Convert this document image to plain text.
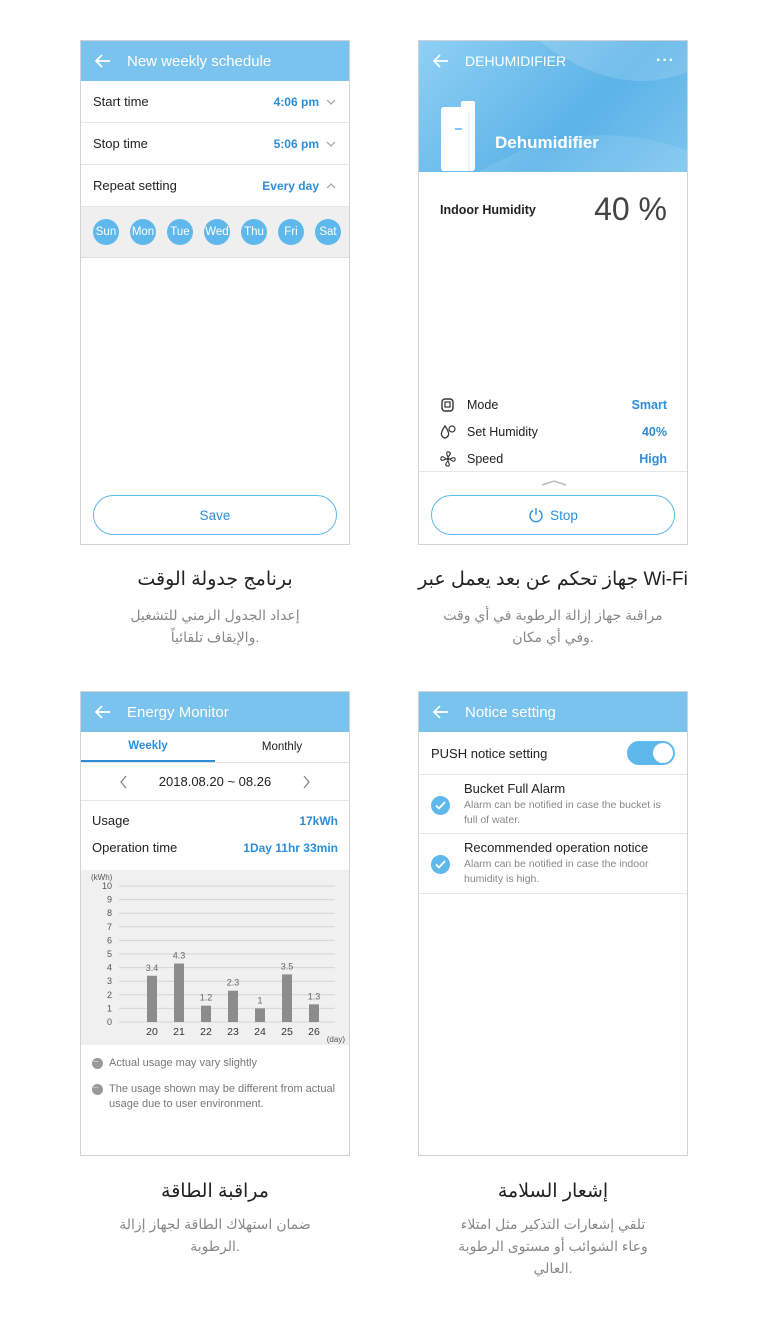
New weekly schedule
Start time	4:06 pm
Stop time	5:06 pm
Repeat setting	Every day
Sun Mon Tue Wed Thu	Fri	Sat
Save
DEHUMIDIFIER	···
Dehumidifier
Indoor Humidity 40 %
Mode	Smart
Set Humidity	40%
Speed	High
Stop
برنامج جدولة الوقت
إعداد الجدول الزمني للتشغيل
والإيقاف تلقائياً.
جهاز تحكم عن بعد يعمل عبر Wi-Fi
مراقبة جهاز إزالة الرطوبة في أي وقت
وفي أي مكان.
Energy Monitor
Weekly	Monthly
2018.08.20 ~ 08.26
Usage	17kWh
Operation time	1Day 11hr 33min
(kWh)
0
1
2
3
4
5
6
7
8
9
10
3.4
20
4.3
21
1.2
22
2.3
23
1
24
3.5
25
1.3
26
(day)
···
Actual usage may vary slightly
···
The usage shown may be different from actual usage due to user environment.
Notice setting
PUSH notice setting
Bucket Full Alarm
Alarm can be notified in case the bucket is full of water.
Recommended operation notice
Alarm can be notified in case the indoor humidity is high.
مراقبة الطاقة
ضمان استهلاك الطاقة لجهاز إزالة
الرطوبة.
إشعار السلامة
تلقي إشعارات التذكير مثل امتلاء
وعاء الشوائب أو مستوى الرطوبة
العالي.
